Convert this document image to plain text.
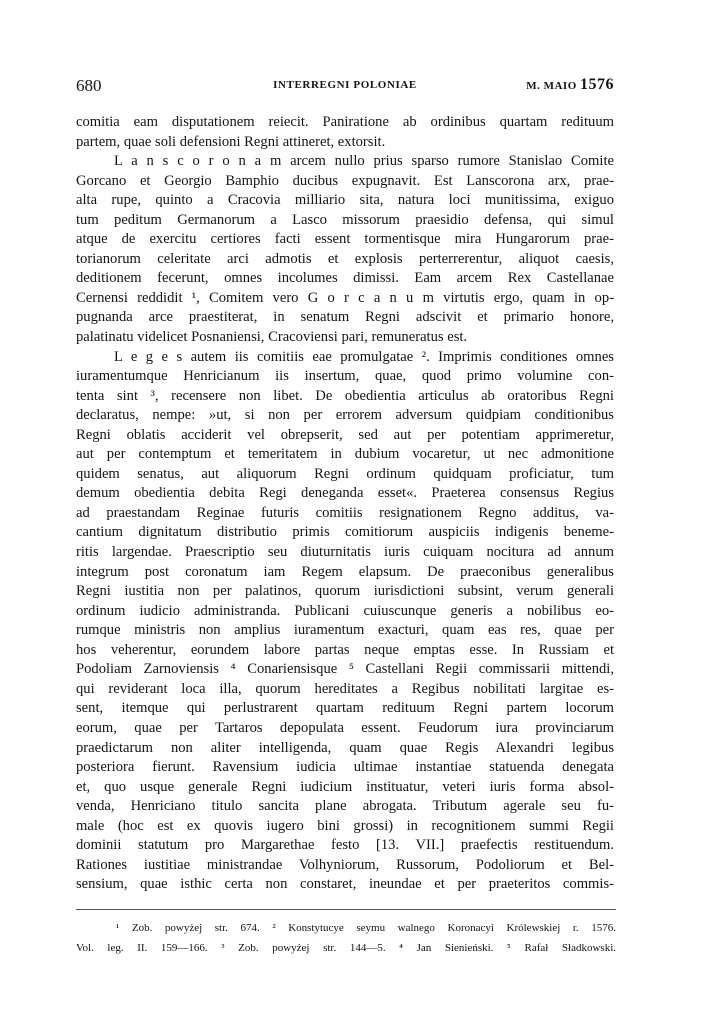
680	INTERREGNI POLONIAE	M. MAIO 1576
comitia eam disputationem reiecit. Paniratione ab ordinibus quartam redituum
partem, quae soli defensioni Regni attineret, extorsit.
L a n s c o r o n a m arcem nullo prius sparso rumore Stanislao Comite
Gorcano et Georgio Bamphio ducibus expugnavit. Est Lanscorona arx, prae-
alta rupe, quinto a Cracovia milliario sita, natura loci munitissima, exiguo
tum peditum Germanorum a Lasco missorum praesidio defensa, qui simul
atque de exercitu certiores facti essent tormentisque mira Hungarorum prae-
torianorum celeritate arci admotis et explosis perterrerentur, aliquot caesis,
deditionem fecerunt, omnes incolumes dimissi. Eam arcem Rex Castellanae
Cernensi reddidit ¹, Comitem vero G o r c a n u m virtutis ergo, quam in op-
pugnanda arce praestiterat, in senatum Regni adscivit et primario honore,
palatinatu videlicet Posnaniensi, Cracoviensi pari, remuneratus est.
L e g e s autem iis comitiis eae promulgatae ². Imprimis conditiones omnes
iuramentumque Henricianum iis insertum, quae, quod primo volumine con-
tenta sint ³, recensere non libet. De obedientia articulus ab oratoribus Regni
declaratus, nempe: »ut, si non per errorem adversum quidpiam conditionibus
Regni oblatis acciderit vel obrepserit, sed aut per potentiam apprimeretur,
aut per contemptum et temeritatem in dubium vocaretur, ut nec admonitione
quidem senatus, aut aliquorum Regni ordinum quidquam proficiatur, tum
demum obedientia debita Regi deneganda esset«. Praeterea consensus Regius
ad praestandam Reginae futuris comitiis resignationem Regno additus, va-
cantium dignitatum distributio primis comitiorum auspiciis indigenis beneme-
ritis largendae. Praescriptio seu diuturnitatis iuris cuiquam nocitura ad annum
integrum post coronatum iam Regem elapsum. De praeconibus generalibus
Regni iustitia non per palatinos, quorum iurisdictioni subsint, verum generali
ordinum iudicio administranda. Publicani cuiuscunque generis a nobilibus eo-
rumque ministris non amplius iuramentum exacturi, quam eas res, quae per
hos veherentur, eorundem labore partas neque emptas esse. In Russiam et
Podoliam Zarnoviensis ⁴ Conariensisque ⁵ Castellani Regii commissarii mittendi,
qui reviderant loca illa, quorum hereditates a Regibus nobilitati largitae es-
sent, itemque qui perlustrarent quartam redituum Regni partem locorum
eorum, quae per Tartaros depopulata essent. Feudorum iura provinciarum
praedictarum non aliter intelligenda, quam quae Regis Alexandri legibus
posteriora fierunt. Ravensium iudicia ultimae instantiae statuenda denegata
et, quo usque generale Regni iudicium instituatur, veteri iuris forma absol-
venda, Henriciano titulo sancita plane abrogata. Tributum agerale seu fu-
male (hoc est ex quovis iugero bini grossi) in recognitionem summi Regii
dominii statutum pro Margarethae festo [13. VII.] praefectis restituendum.
Rationes iustitiae ministrandae Volhyniorum, Russorum, Podoliorum et Bel-
sensium, quae isthic certa non constaret, ineundae et per praeteritos commis-
¹ Zob. powyżej str. 674. ² Konstytucye seymu walnego Koronacyi Królewskiej r. 1576.
Vol. leg. II. 159—166. ³ Zob. powyżej str. 144—5. ⁴ Jan Sieniеński. ⁵ Rafał Sładkowski.
